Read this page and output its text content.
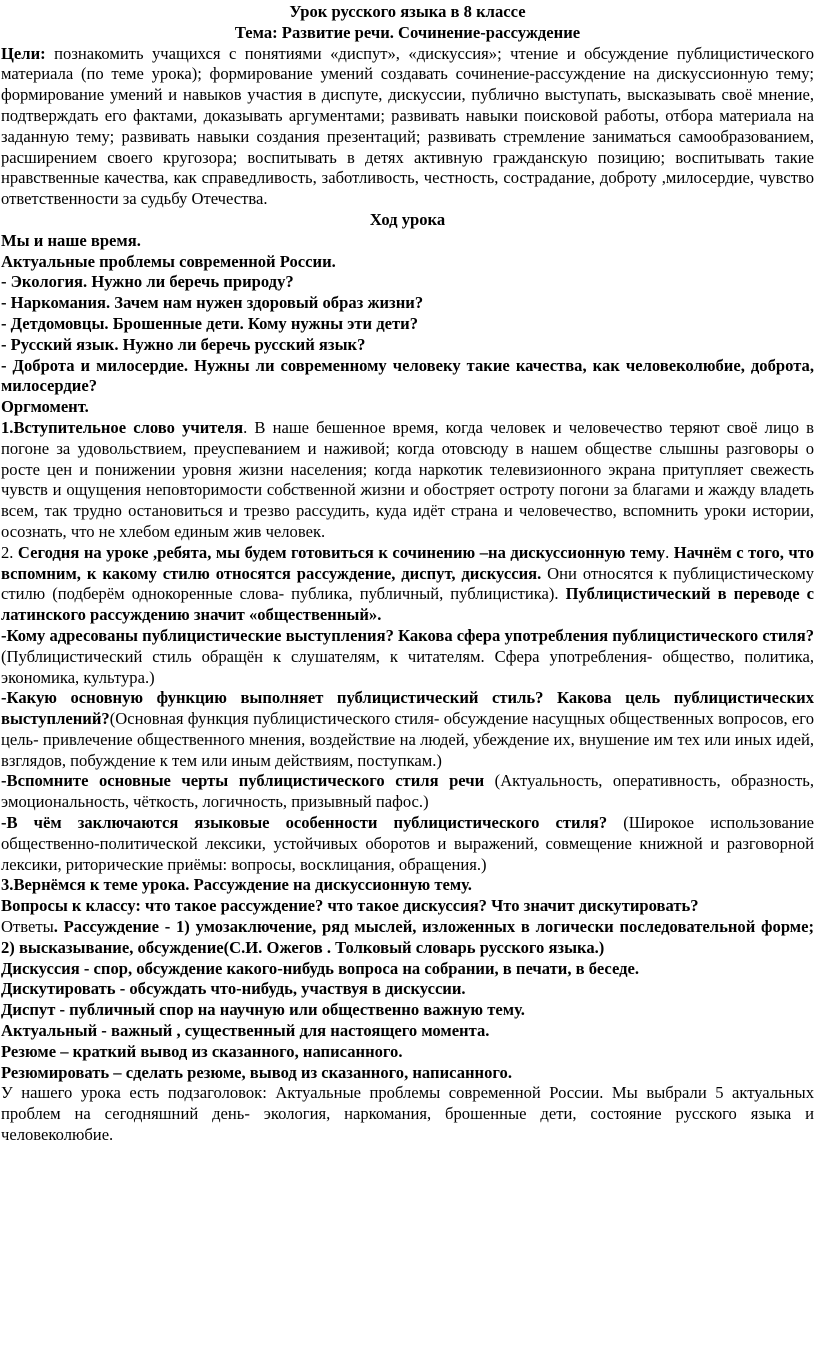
Урок русского языка в 8 классе
Тема: Развитие речи. Сочинение-рассуждение

Цели: познакомить учащихся с понятиями «диспут», «дискуссия»; чтение и обсуждение публицистического материала (по теме урока); формирование умений создавать сочинение-рассуждение на дискуссионную тему; формирование умений и навыков участия в диспуте, дискуссии, публично выступать, высказывать своё мнение, подтверждать его фактами, доказывать аргументами; развивать навыки поисковой работы, отбора материала на заданную тему; развивать навыки создания презентаций; развивать стремление заниматься самообразованием, расширением своего кругозора; воспитывать в детях активную гражданскую позицию; воспитывать такие нравственные качества, как справедливость, заботливость, честность, сострадание, доброту ,милосердие, чувство ответственности за судьбу Отечества.

Ход урока

Мы и наше время.

Актуальные проблемы современной России.

- Экология. Нужно ли беречь природу?

- Наркомания. Зачем нам нужен здоровый образ жизни?

- Детдомовцы. Брошенные дети. Кому нужны эти дети?

- Русский язык. Нужно ли беречь русский язык?

- Доброта и милосердие. Нужны ли современному человеку такие качества, как человеколюбие, доброта, милосердие?

Оргмомент.

1.Вступительное слово учителя. В наше бешенное время, когда человек и человечество теряют своё лицо в погоне за удовольствием, преуспеванием и наживой; когда отовсюду в нашем обществе слышны разговоры о росте цен и понижении уровня жизни населения; когда наркотик телевизионного экрана притупляет свежесть чувств и ощущения неповторимости собственной жизни и обостряет остроту погони за благами и жажду владеть всем, так трудно остановиться и трезво рассудить, куда идёт страна и человечество, вспомнить уроки истории, осознать, что не хлебом единым жив человек.

2. Сегодня на уроке ,ребята, мы будем готовиться к сочинению –на дискуссионную тему. Начнём с того, что вспомним, к какому стилю относятся рассуждение, диспут, дискуссия. Они относятся к публицистическому стилю (подберём однокоренные слова- публика, публичный, публицистика). Публицистический в переводе с латинского рассуждению значит «общественный».

-Кому адресованы публицистические выступления? Какова сфера употребления публицистического стиля? (Публицистический стиль обращён к слушателям, к читателям. Сфера употребления- общество, политика, экономика, культура.)

-Какую основную функцию выполняет публицистический стиль? Какова цель публицистических выступлений?(Основная функция публицистического стиля- обсуждение насущных общественных вопросов, его цель- привлечение общественного мнения, воздействие на людей, убеждение их, внушение им тех или иных идей, взглядов, побуждение к тем или иным действиям, поступкам.)

-Вспомните основные черты публицистического стиля речи (Актуальность, оперативность, образность, эмоциональность, чёткость, логичность, призывный пафос.)

-В чём заключаются языковые особенности публицистического стиля? (Широкое использование общественно-политической лексики, устойчивых оборотов и выражений, совмещение книжной и разговорной лексики, риторические приёмы: вопросы, восклицания, обращения.)

3.Вернёмся к теме урока. Рассуждение на дискуссионную тему.

Вопросы к классу: что такое рассуждение? что такое дискуссия? Что значит дискутировать?

Ответы. Рассуждение - 1) умозаключение, ряд мыслей, изложенных в логически последовательной форме; 2) высказывание, обсуждение(С.И. Ожегов . Толковый словарь русского языка.)

Дискуссия - спор, обсуждение какого-нибудь вопроса на собрании, в печати, в беседе.

Дискутировать - обсуждать что-нибудь, участвуя в дискуссии.

Диспут - публичный спор на научную или общественно важную тему.

Актуальный - важный , существенный для настоящего момента.

Резюме – краткий вывод из сказанного, написанного.

Резюмировать – сделать резюме, вывод из сказанного, написанного.

У нашего урока есть подзаголовок: Актуальные проблемы современной России. Мы выбрали 5 актуальных проблем на сегодняшний день- экология, наркомания, брошенные дети, состояние русского языка и человеколюбие.
